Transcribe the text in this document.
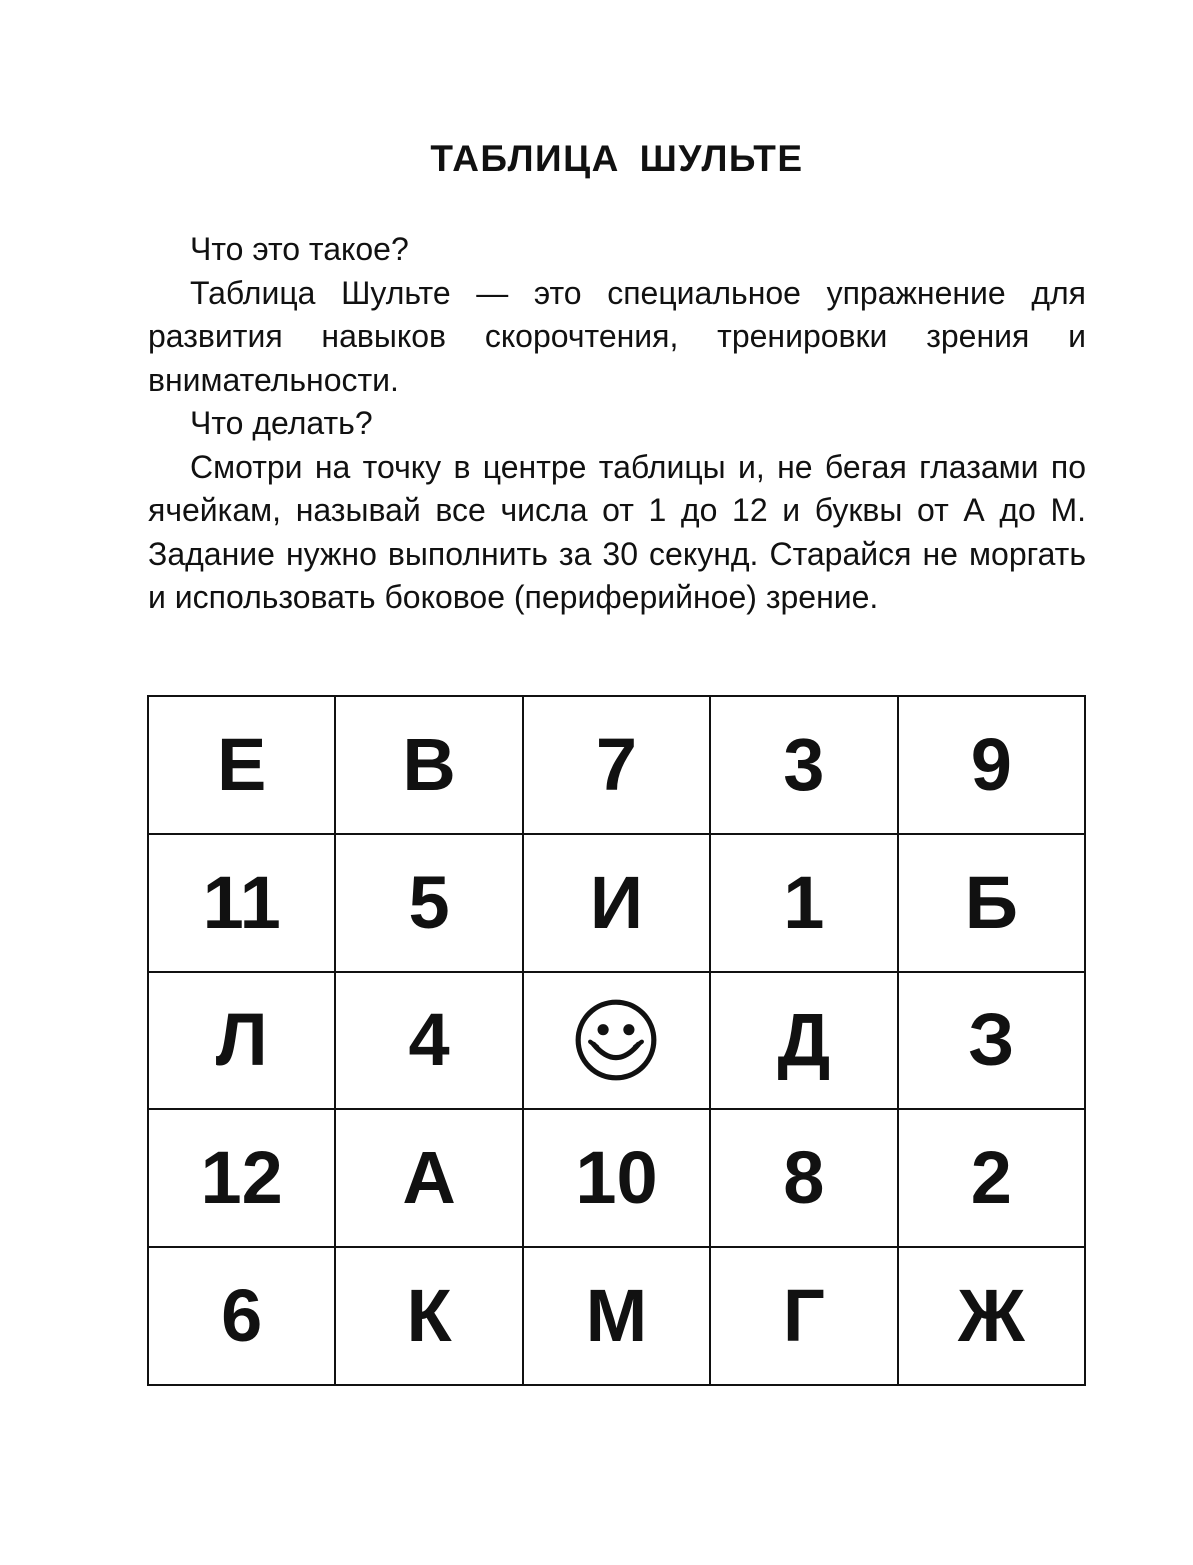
ТАБЛИЦА ШУЛЬТЕ

Что это такое?

Таблица Шульте — это специальное упражнение для развития навыков скорочтения, тренировки зрения и внимательности.

Что делать?

Смотри на точку в центре таблицы и, не бегая глазами по ячейкам, называй все числа от 1 до 12 и буквы от А до М. Задание нужно выполнить за 30 секунд. Старайся не моргать и использовать боковое (периферийное) зрение.

Е	В	7	3	9
11	5	И	1	Б
Л	4		Д	З
12	А	10	8	2
6	К	М	Г	Ж
